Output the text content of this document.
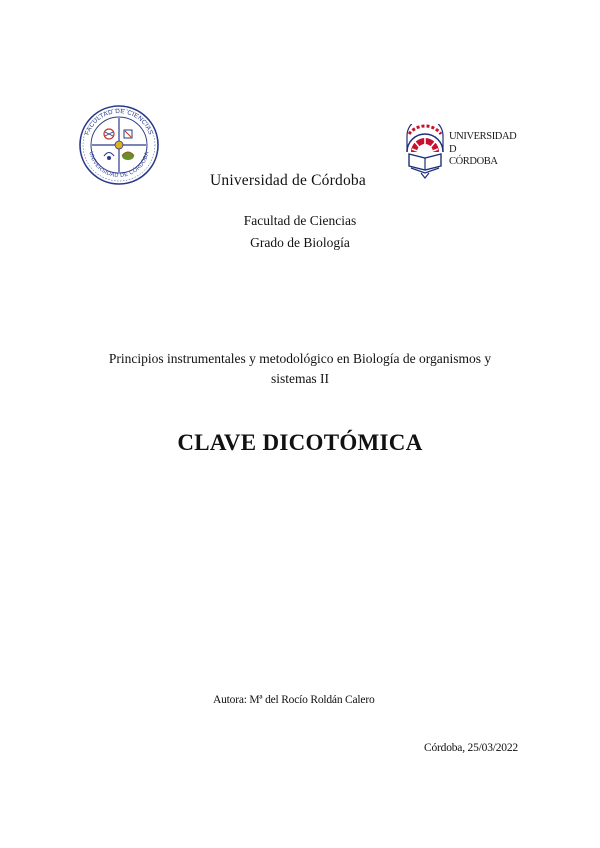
FACULTAD DE CIENCIAS
UNIVERSIDAD DE CÓRDOBA
UNIVERSIDAD
D
CÓRDOBA
Universidad de Córdoba
Facultad de Ciencias
Grado de Biología
Principios instrumentales y metodológico en Biología de organismos y
sistemas II
CLAVE DICOTÓMICA
Autora: Mª del Rocío Roldán Calero
Córdoba, 25/03/2022
